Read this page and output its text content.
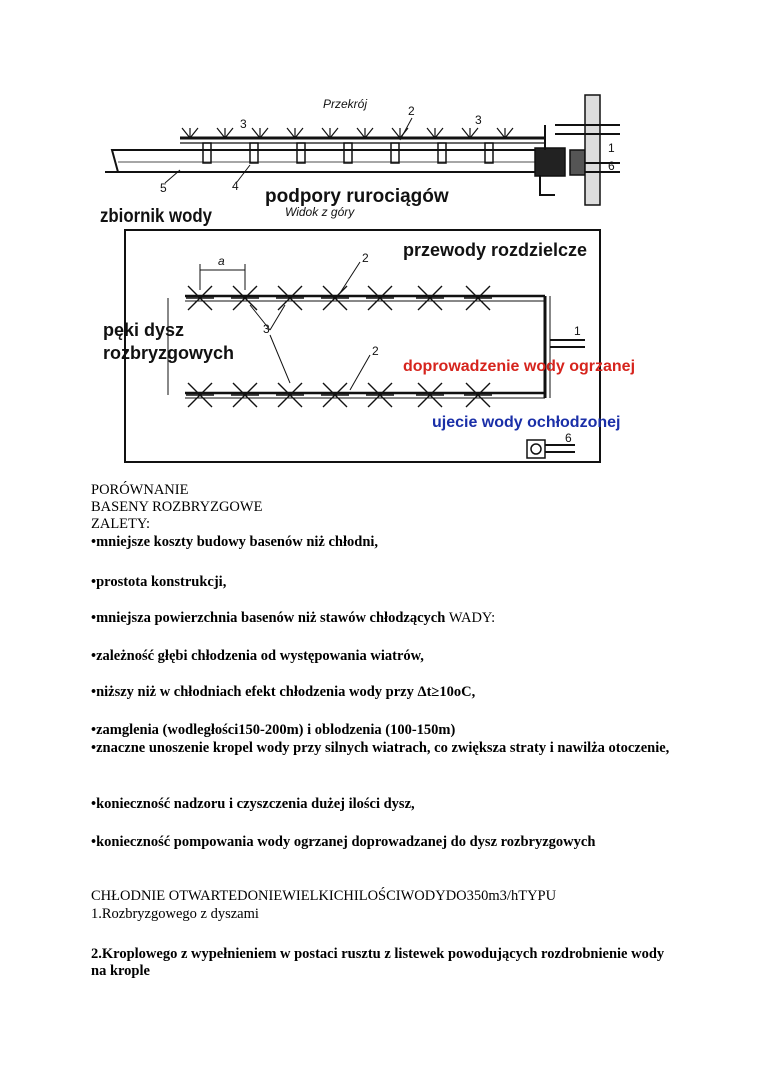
Przekrój	2
3	3
1
6
5	4 podpory rurociągów
zbiornik wody	Widok z góry
a	2
2
3	1
6
przewody rozdzielcze
pęki dysz
rozbryzgowych
doprowadzenie wody ogrzanej
ujecie wody ochłodzonej
PORÓWNANIE
BASENY ROZBRYZGOWE
ZALETY:
•mniejsze koszty budowy basenów niż chłodni,
•prostota konstrukcji,
•mniejsza powierzchnia basenów niż stawów chłodzących WADY:
•zależność głębi chłodzenia od występowania wiatrów,
•niższy niż w chłodniach efekt chłodzenia wody przy Δt≥10oC,
•zamglenia (wodległości150-200m) i oblodzenia (100-150m)
•znaczne unoszenie kropel wody przy silnych wiatrach, co zwiększa straty i nawilża otoczenie,
•konieczność nadzoru i czyszczenia dużej ilości dysz,
•konieczność pompowania wody ogrzanej doprowadzanej do dysz rozbryzgowych
CHŁODNIE OTWARTEDONIEWIELKICHILOŚCIWODYDO350m3/hTYPU
1.Rozbryzgowego z dyszami
2.Kroplowego z wypełnieniem w postaci rusztu z listewek powodujących rozdrobnienie wody na krople
